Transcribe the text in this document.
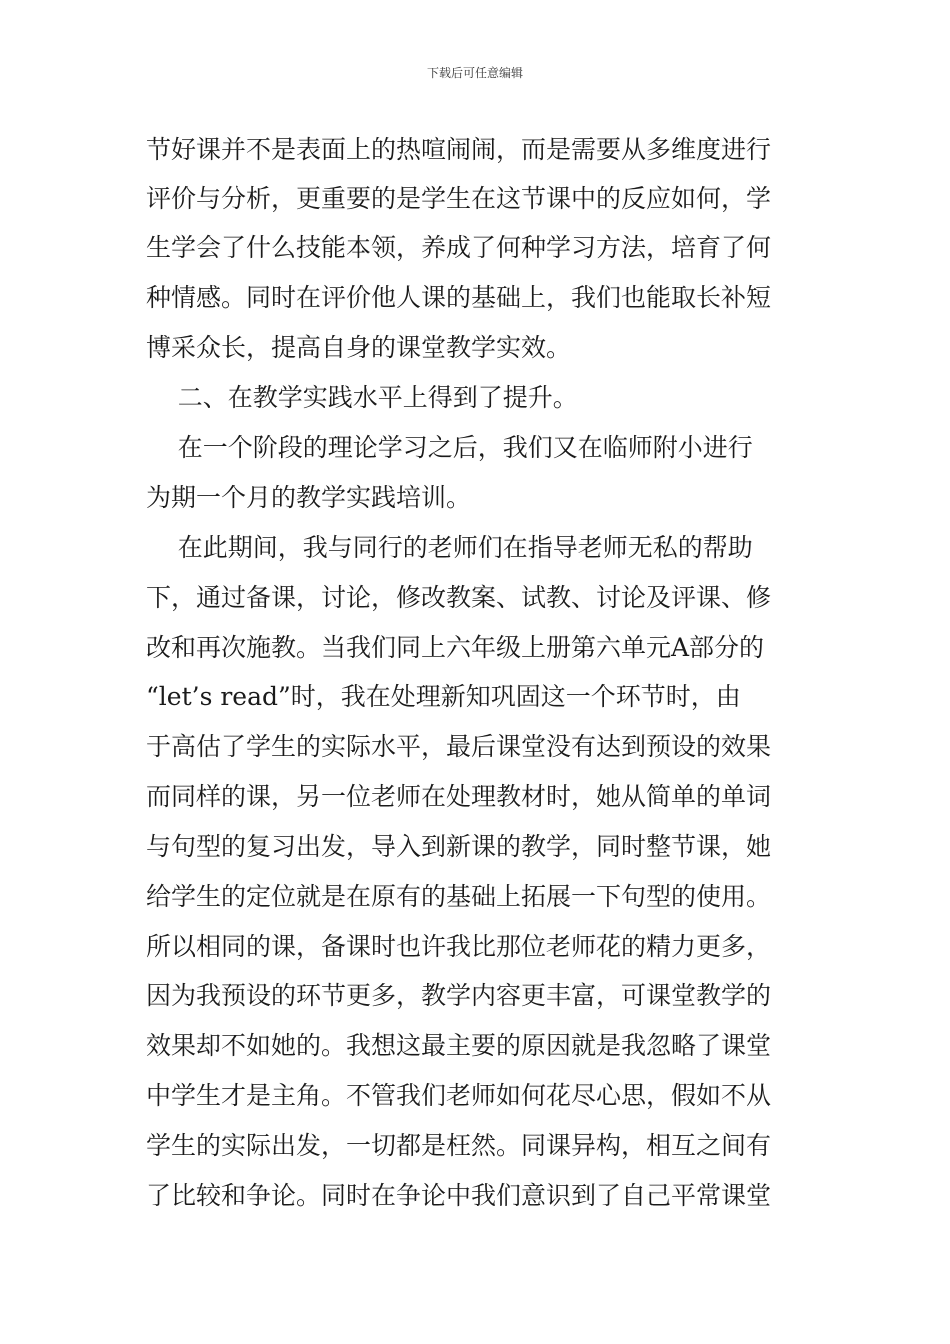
下载后可任意编辑
节好课并不是表面上的热喧闹闹，而是需要从多维度进行
评价与分析，更重要的是学生在这节课中的反应如何，学
生学会了什么技能本领，养成了何种学习方法，培育了何
种情感。同时在评价他人课的基础上，我们也能取长补短
博采众长，提高自身的课堂教学实效。
二、在教学实践水平上得到了提升。
在一个阶段的理论学习之后，我们又在临师附小进行
为期一个月的教学实践培训。
在此期间，我与同行的老师们在指导老师无私的帮助
下，通过备课，讨论，修改教案、试教、讨论及评课、修
改和再次施教。当我们同上六年级上册第六单元A部分的
“let’s read”时，我在处理新知巩固这一个环节时，由
于高估了学生的实际水平，最后课堂没有达到预设的效果
而同样的课，另一位老师在处理教材时，她从简单的单词
与句型的复习出发，导入到新课的教学，同时整节课，她
给学生的定位就是在原有的基础上拓展一下句型的使用。
所以相同的课，备课时也许我比那位老师花的精力更多，
因为我预设的环节更多，教学内容更丰富，可课堂教学的
效果却不如她的。我想这最主要的原因就是我忽略了课堂
中学生才是主角。不管我们老师如何花尽心思，假如不从
学生的实际出发，一切都是枉然。同课异构，相互之间有
了比较和争论。同时在争论中我们意识到了自己平常课堂
